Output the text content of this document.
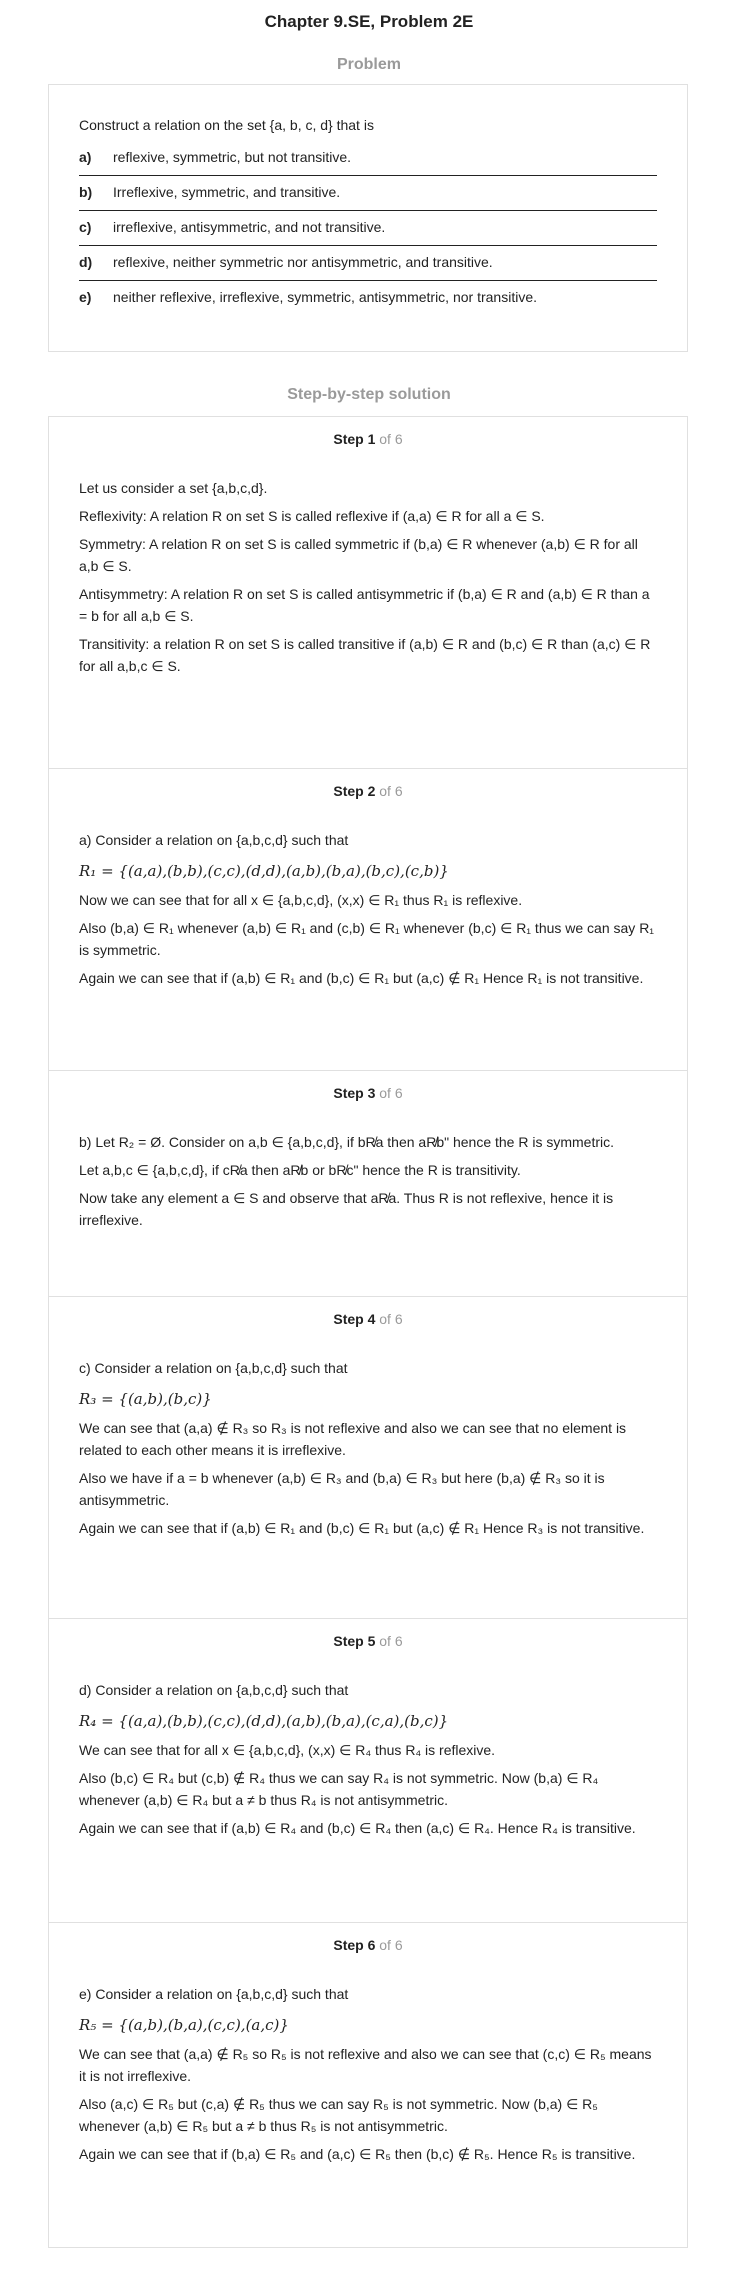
Chapter 9.SE, Problem 2E
Problem
Construct a relation on the set {a, b, c, d} that is
a)	reflexive, symmetric, but not transitive.
b)	Irreflexive, symmetric, and transitive.
c)	irreflexive, antisymmetric, and not transitive.
d)	reflexive, neither symmetric nor antisymmetric, and transitive.
e)	neither reflexive, irreflexive, symmetric, antisymmetric, nor transitive.
Step-by-step solution
Step 1 of 6
Let us consider a set {a,b,c,d}.
Reflexivity: A relation R on set S is called reflexive if (a,a) ∈ R for all a ∈ S.
Symmetry: A relation R on set S is called symmetric if (b,a) ∈ R whenever (a,b) ∈ R for all a,b ∈ S.
Antisymmetry: A relation R on set S is called antisymmetric if (b,a) ∈ R and (a,b) ∈ R than a = b for all a,b ∈ S.
Transitivity: a relation R on set S is called transitive if (a,b) ∈ R and (b,c) ∈ R than (a,c) ∈ R for all a,b,c ∈ S.
Step 2 of 6
a) Consider a relation on {a,b,c,d} such that
R₁ = {(a,a),(b,b),(c,c),(d,d),(a,b),(b,a),(b,c),(c,b)}
Now we can see that for all x ∈ {a,b,c,d}, (x,x) ∈ R₁ thus R₁ is reflexive.
Also (b,a) ∈ R₁ whenever (a,b) ∈ R₁ and (c,b) ∈ R₁ whenever (b,c) ∈ R₁ thus we can say R₁ is symmetric.
Again we can see that if (a,b) ∈ R₁ and (b,c) ∈ R₁ but (a,c) ∉ R₁ Hence R₁ is not transitive.
Step 3 of 6
b) Let R₂ = Ø. Consider on a,b ∈ {a,b,c,d}, if bR̸a then aR̸b" hence the R is symmetric.
Let a,b,c ∈ {a,b,c,d}, if cR̸a then aR̸b or bR̸c" hence the R is transitivity.
Now take any element a ∈ S and observe that aR̸a. Thus R is not reflexive, hence it is irreflexive.
Step 4 of 6
c) Consider a relation on {a,b,c,d} such that
R₃ = {(a,b),(b,c)}
We can see that (a,a) ∉ R₃ so R₃ is not reflexive and also we can see that no element is related to each other means it is irreflexive.
Also we have if a = b whenever (a,b) ∈ R₃ and (b,a) ∈ R₃ but here (b,a) ∉ R₃ so it is antisymmetric.
Again we can see that if (a,b) ∈ R₁ and (b,c) ∈ R₁ but (a,c) ∉ R₁ Hence R₃ is not transitive.
Step 5 of 6
d) Consider a relation on {a,b,c,d} such that
R₄ = {(a,a),(b,b),(c,c),(d,d),(a,b),(b,a),(c,a),(b,c)}
We can see that for all x ∈ {a,b,c,d}, (x,x) ∈ R₄ thus R₄ is reflexive.
Also (b,c) ∈ R₄ but (c,b) ∉ R₄ thus we can say R₄ is not symmetric. Now (b,a) ∈ R₄ whenever (a,b) ∈ R₄ but a ≠ b thus R₄ is not antisymmetric.
Again we can see that if (a,b) ∈ R₄ and (b,c) ∈ R₄ then (a,c) ∈ R₄. Hence R₄ is transitive.
Step 6 of 6
e) Consider a relation on {a,b,c,d} such that
R₅ = {(a,b),(b,a),(c,c),(a,c)}
We can see that (a,a) ∉ R₅ so R₅ is not reflexive and also we can see that (c,c) ∈ R₅ means it is not irreflexive.
Also (a,c) ∈ R₅ but (c,a) ∉ R₅ thus we can say R₅ is not symmetric. Now (b,a) ∈ R₅ whenever (a,b) ∈ R₅ but a ≠ b thus R₅ is not antisymmetric.
Again we can see that if (b,a) ∈ R₅ and (a,c) ∈ R₅ then (b,c) ∉ R₅. Hence R₅ is transitive.
